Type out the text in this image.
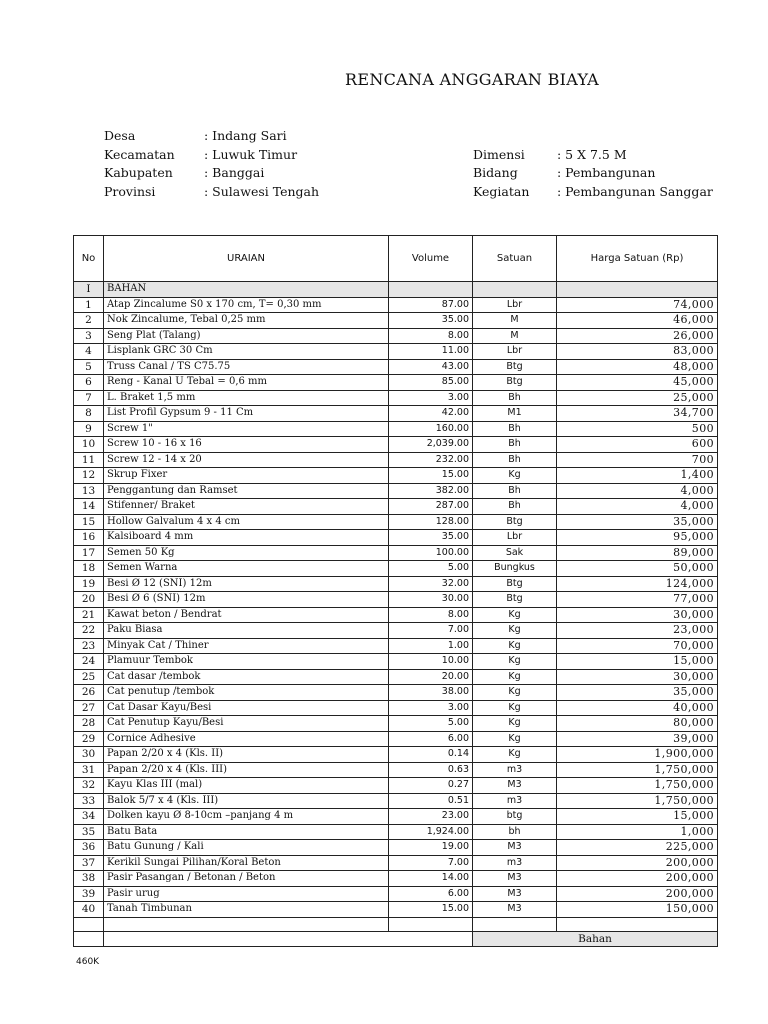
RENCANA ANGGARAN BIAYA
Desa	: Indang Sari
Kecamatan : Luwuk Timur
Kabupaten : Banggai
Provinsi	: Sulawesi Tengah
Dimensi	: 5 X 7.5 M
Bidang	: Pembangunan
Kegiatan : Pembangunan Sanggar
No	URAIAN	Volume	Satuan	Harga Satuan (Rp)
I	BAHAN			
1	Atap Zincalume S0 x 170 cm, T= 0,30 mm	87.00	Lbr	74,000
2	Nok Zincalume, Tebal 0,25 mm	35.00	M	46,000
3	Seng Plat (Talang)	8.00	M	26,000
4	Lisplank GRC 30 Cm	11.00	Lbr	83,000
5	Truss Canal / TS C75.75	43.00	Btg	48,000
6	Reng - Kanal U Tebal = 0,6 mm	85.00	Btg	45,000
7	L. Braket 1,5 mm	3.00	Bh	25,000
8	List Profil Gypsum 9 - 11 Cm	42.00	M1	34,700
9	Screw 1"	160.00	Bh	500
10	Screw 10 - 16 x 16	2,039.00	Bh	600
11	Screw 12 - 14 x 20	232.00	Bh	700
12	Skrup Fixer	15.00	Kg	1,400
13	Penggantung dan Ramset	382.00	Bh	4,000
14	Stifenner/ Braket	287.00	Bh	4,000
15	Hollow Galvalum 4 x 4 cm	128.00	Btg	35,000
16	Kalsiboard 4 mm	35.00	Lbr	95,000
17	Semen 50 Kg	100.00	Sak	89,000
18	Semen Warna	5.00	Bungkus	50,000
19	Besi Ø 12 (SNI) 12m	32.00	Btg	124,000
20	Besi Ø 6 (SNI) 12m	30.00	Btg	77,000
21	Kawat beton / Bendrat	8.00	Kg	30,000
22	Paku Biasa	7.00	Kg	23,000
23	Minyak Cat / Thiner	1.00	Kg	70,000
24	Plamuur Tembok	10.00	Kg	15,000
25	Cat dasar /tembok	20.00	Kg	30,000
26	Cat penutup /tembok	38.00	Kg	35,000
27	Cat Dasar Kayu/Besi	3.00	Kg	40,000
28	Cat Penutup Kayu/Besi	5.00	Kg	80,000
29	Cornice Adhesive	6.00	Kg	39,000
30	Papan 2/20 x 4 (Kls. II)	0.14	Kg	1,900,000
31	Papan 2/20 x 4 (Kls. III)	0.63	m3	1,750,000
32	Kayu Klas III (mal)	0.27	M3	1,750,000
33	Balok 5/7 x 4 (Kls. III)	0.51	m3	1,750,000
34	Dolken kayu Ø 8-10cm –panjang 4 m	23.00	btg	15,000
35	Batu Bata	1,924.00	bh	1,000
36	Batu Gunung / Kali	19.00	M3	225,000
37	Kerikil Sungai Pilihan/Koral Beton	7.00	m3	200,000
38	Pasir Pasangan / Betonan / Beton	14.00	M3	200,000
39	Pasir urug	6.00	M3	200,000
40	Tanah Timbunan	15.00	M3	150,000

			Bahan	
460K
